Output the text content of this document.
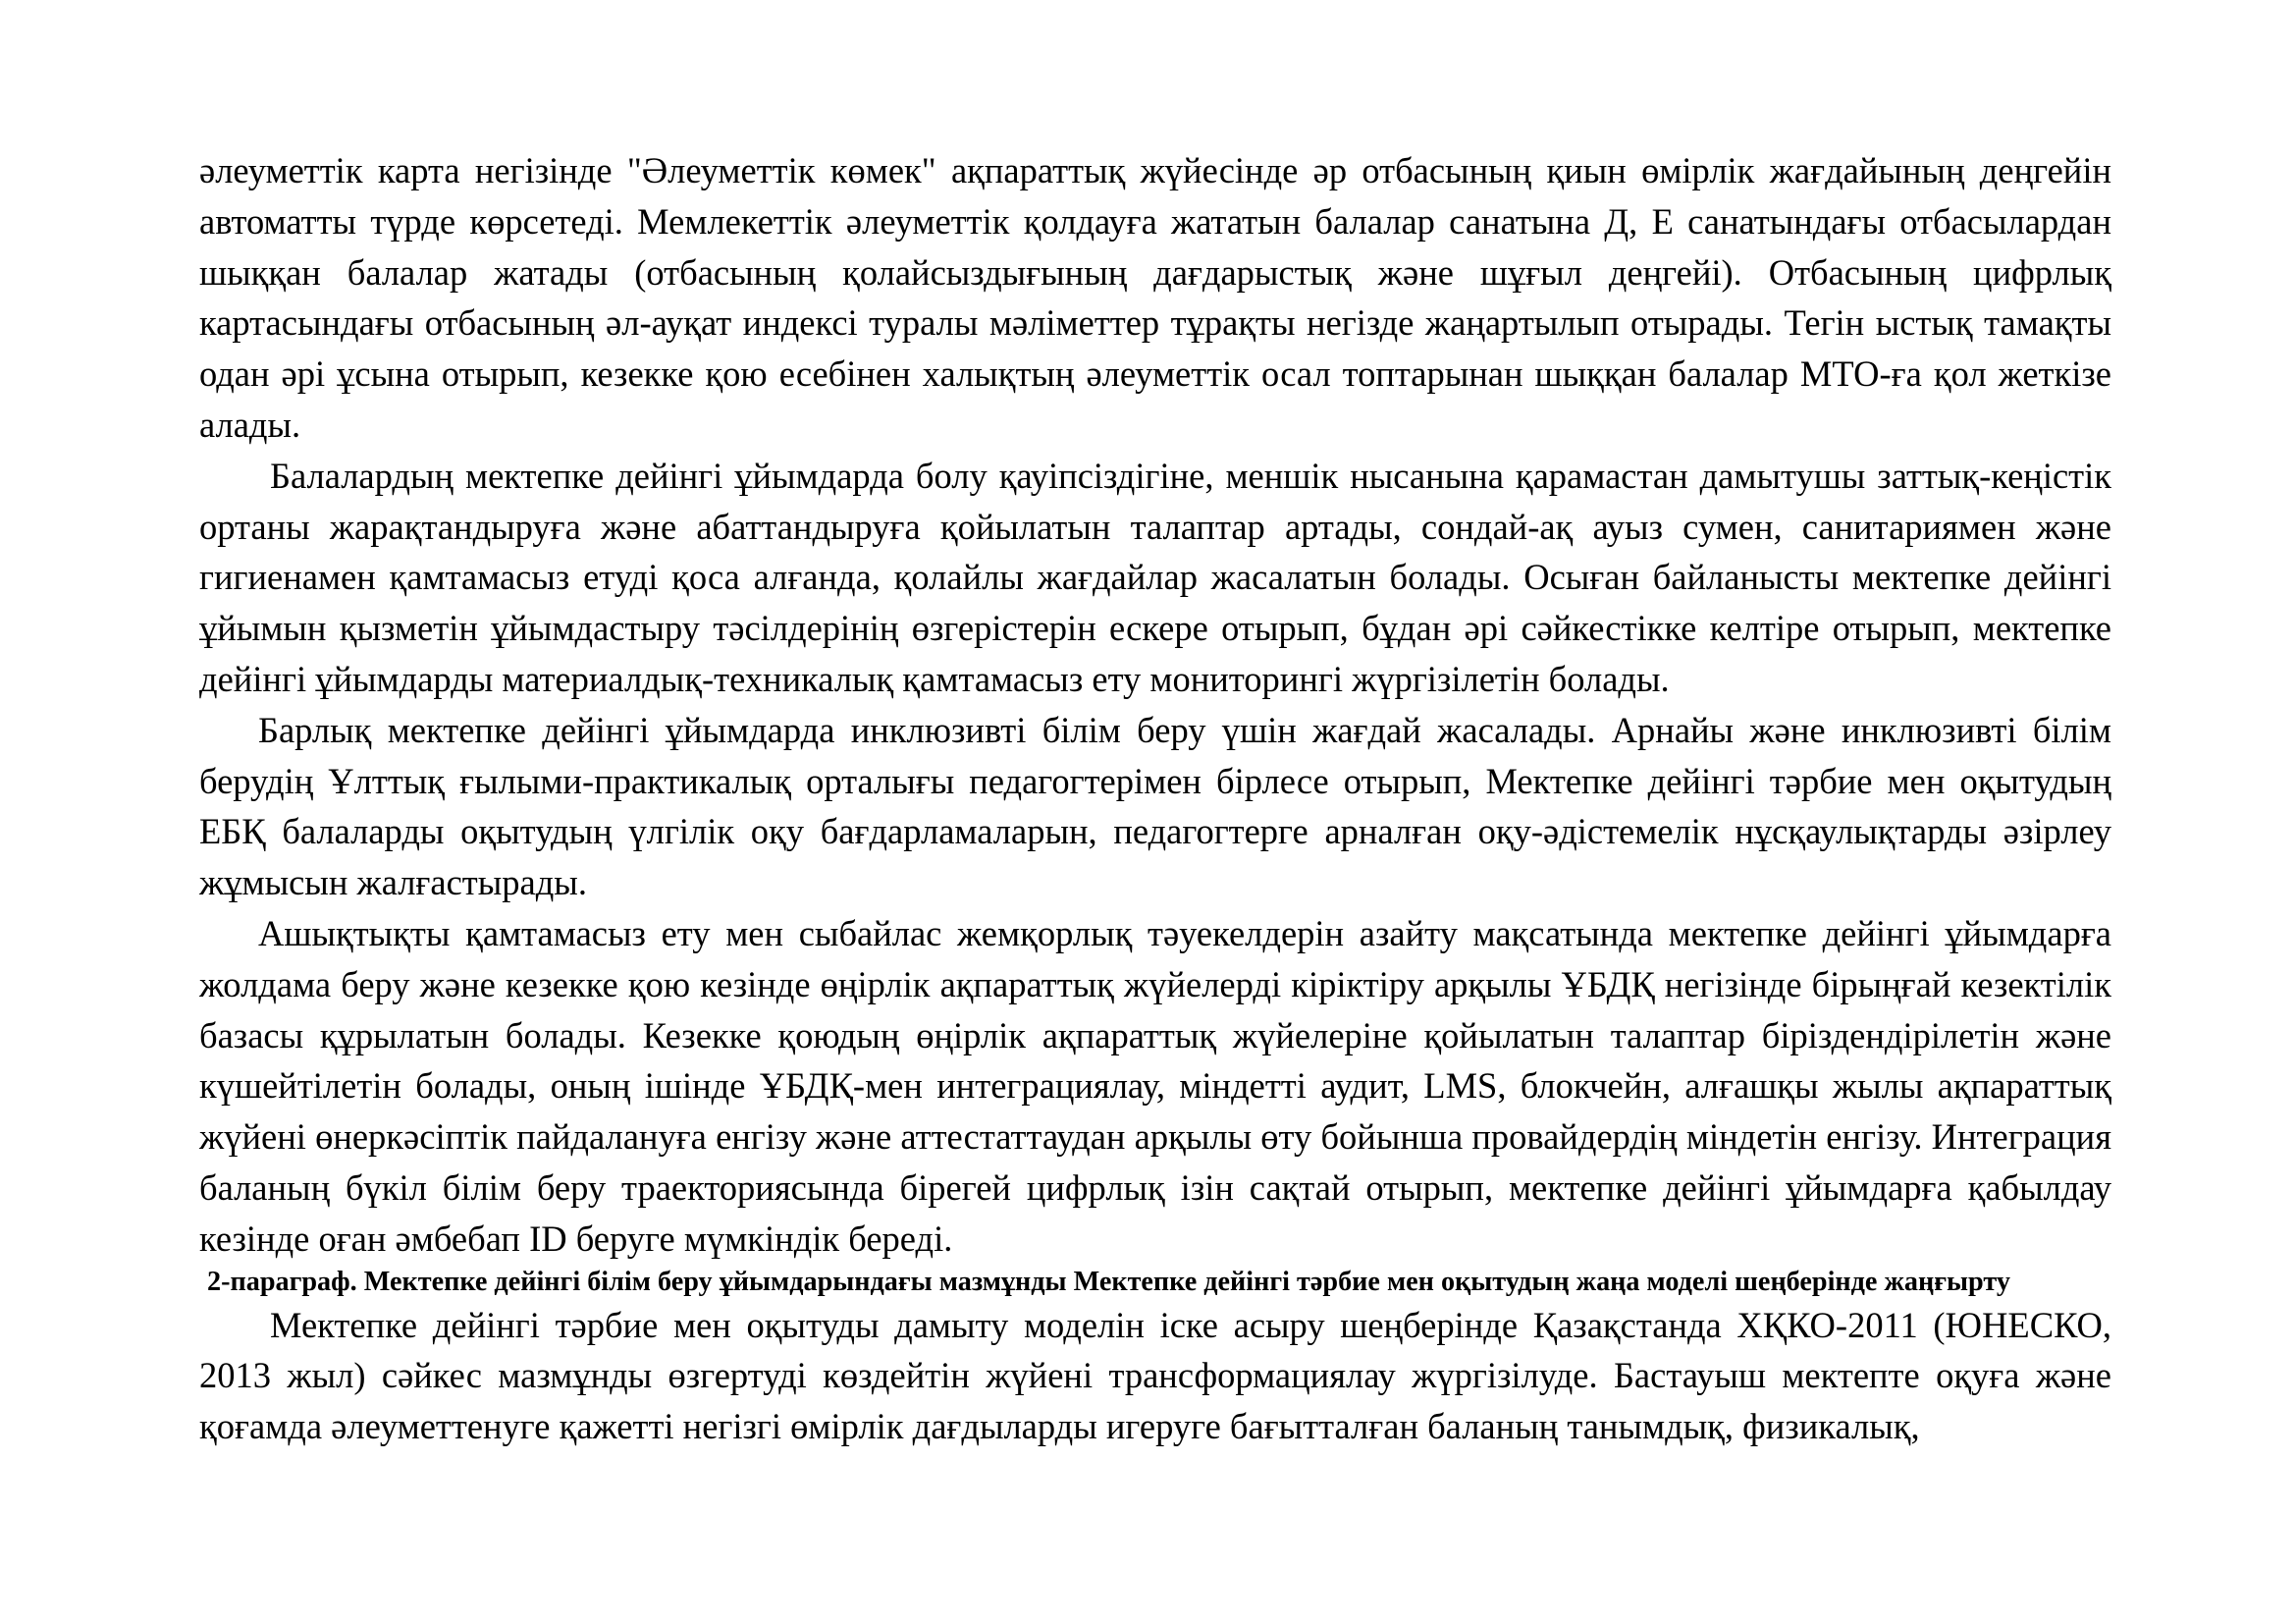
әлеуметтік карта негізінде "Әлеуметтік көмек" ақпараттық жүйесінде әр отбасының қиын өмірлік жағдайының деңгейін автоматты түрде көрсетеді. Мемлекеттік әлеуметтік қолдауға жататын балалар санатына Д, Е санатындағы отбасылардан шыққан балалар жатады (отбасының қолайсыздығының дағдарыстық және шұғыл деңгейі). Отбасының цифрлық картасындағы отбасының әл-ауқат индексі туралы мәліметтер тұрақты негізде жаңартылып отырады. Тегін ыстық тамақты одан әрі ұсына отырып, кезекке қою есебінен халықтың әлеуметтік осал топтарынан шыққан балалар МТО-ға қол жеткізе алады.

Балалардың мектепке дейінгі ұйымдарда болу қауіпсіздігіне, меншік нысанына қарамастан дамытушы заттық-кеңістік ортаны жарақтандыруға және абаттандыруға қойылатын талаптар артады, сондай-ақ ауыз сумен, санитариямен және гигиенамен қамтамасыз етуді қоса алғанда, қолайлы жағдайлар жасалатын болады. Осыған байланысты мектепке дейінгі ұйымын қызметін ұйымдастыру тәсілдерінің өзгерістерін ескере отырып, бұдан әрі сәйкестікке келтіре отырып, мектепке дейінгі ұйымдарды материалдық-техникалық қамтамасыз ету мониторингі жүргізілетін болады.

Барлық мектепке дейінгі ұйымдарда инклюзивті білім беру үшін жағдай жасалады. Арнайы және инклюзивті білім берудің Ұлттық ғылыми-практикалық орталығы педагогтерімен бірлесе отырып, Мектепке дейінгі тәрбие мен оқытудың ЕБҚ балаларды оқытудың үлгілік оқу бағдарламаларын, педагогтерге арналған оқу-әдістемелік нұсқаулықтарды әзірлеу жұмысын жалғастырады.

Ашықтықты қамтамасыз ету мен сыбайлас жемқорлық тәуекелдерін азайту мақсатында мектепке дейінгі ұйымдарға жолдама беру және кезекке қою кезінде өңірлік ақпараттық жүйелерді кіріктіру арқылы ҰБДҚ негізінде бірыңғай кезектілік базасы құрылатын болады. Кезекке қоюдың өңірлік ақпараттық жүйелеріне қойылатын талаптар біріздендірілетін және күшейтілетін болады, оның ішінде ҰБДҚ-мен интеграциялау, міндетті аудит, LMS, блокчейн, алғашқы жылы ақпараттық жүйені өнеркәсіптік пайдалануға енгізу және аттестаттаудан арқылы өту бойынша провайдердің міндетін енгізу. Интеграция баланың бүкіл білім беру траекториясында бірегей цифрлық ізін сақтай отырып, мектепке дейінгі ұйымдарға қабылдау кезінде оған әмбебап ID беруге мүмкіндік береді.

2-параграф. Мектепке дейінгі білім беру ұйымдарындағы мазмұнды Мектепке дейінгі тәрбие мен оқытудың жаңа моделі шеңберінде жаңғырту

Мектепке дейінгі тәрбие мен оқытуды дамыту моделін іске асыру шеңберінде Қазақстанда ХҚКО-2011 (ЮНЕСКО, 2013 жыл) сәйкес мазмұнды өзгертуді көздейтін жүйені трансформациялау жүргізілуде. Бастауыш мектепте оқуға және қоғамда әлеуметтенуге қажетті негізгі өмірлік дағдыларды игеруге бағытталған баланың танымдық, физикалық,
